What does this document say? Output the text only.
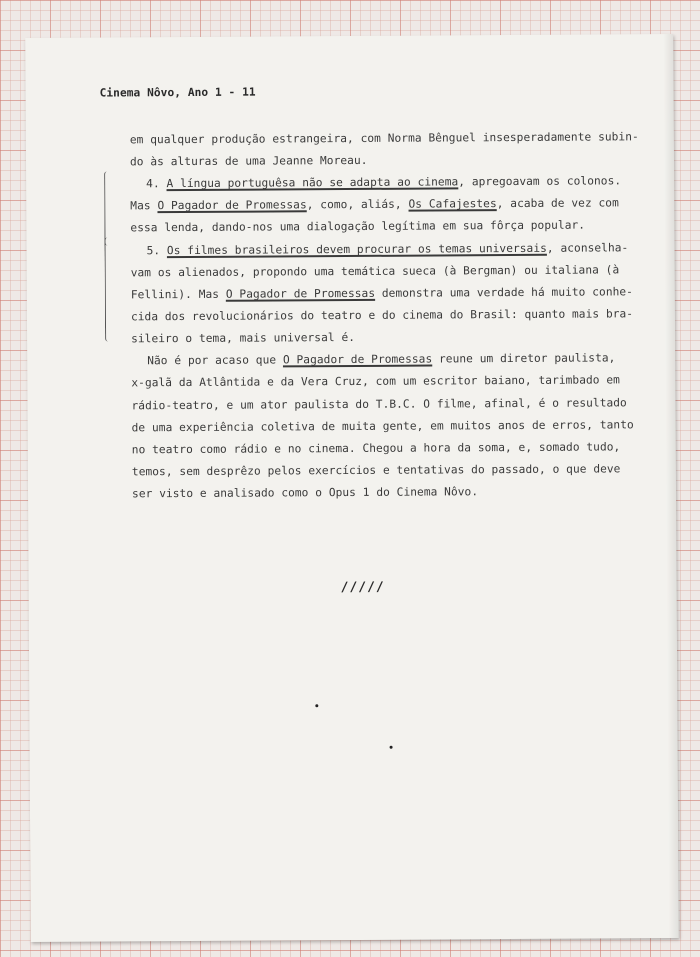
Cinema Nôvo, Ano 1 - 11
em qualquer produção estrangeira, com Norma Bênguel insesperadamente subin-
do às alturas de uma Jeanne Moreau.
4. A língua portuguêsa não se adapta ao cinema, apregoavam os colonos.
Mas O Pagador de Promessas, como, aliás, Os Cafajestes, acaba de vez com
essa lenda, dando-nos uma dialogação legítima em sua fôrça popular.
5. Os filmes brasileiros devem procurar os temas universais, aconselha-
vam os alienados, propondo uma temática sueca (à Bergman) ou italiana (à
Fellini). Mas O Pagador de Promessas demonstra uma verdade há muito conhe-
cida dos revolucionários do teatro e do cinema do Brasil: quanto mais bra-
sileiro o tema, mais universal é.
Não é por acaso que O Pagador de Promessas reune um diretor paulista,
x-galã da Atlântida e da Vera Cruz, com um escritor baiano, tarimbado em
rádio-teatro, e um ator paulista do T.B.C. O filme, afinal, é o resultado
de uma experiência coletiva de muita gente, em muitos anos de erros, tanto
no teatro como rádio e no cinema. Chegou a hora da soma, e, somado tudo,
temos, sem desprêzo pelos exercícios e tentativas do passado, o que deve
ser visto e analisado como o Opus 1 do Cinema Nôvo.
/////
